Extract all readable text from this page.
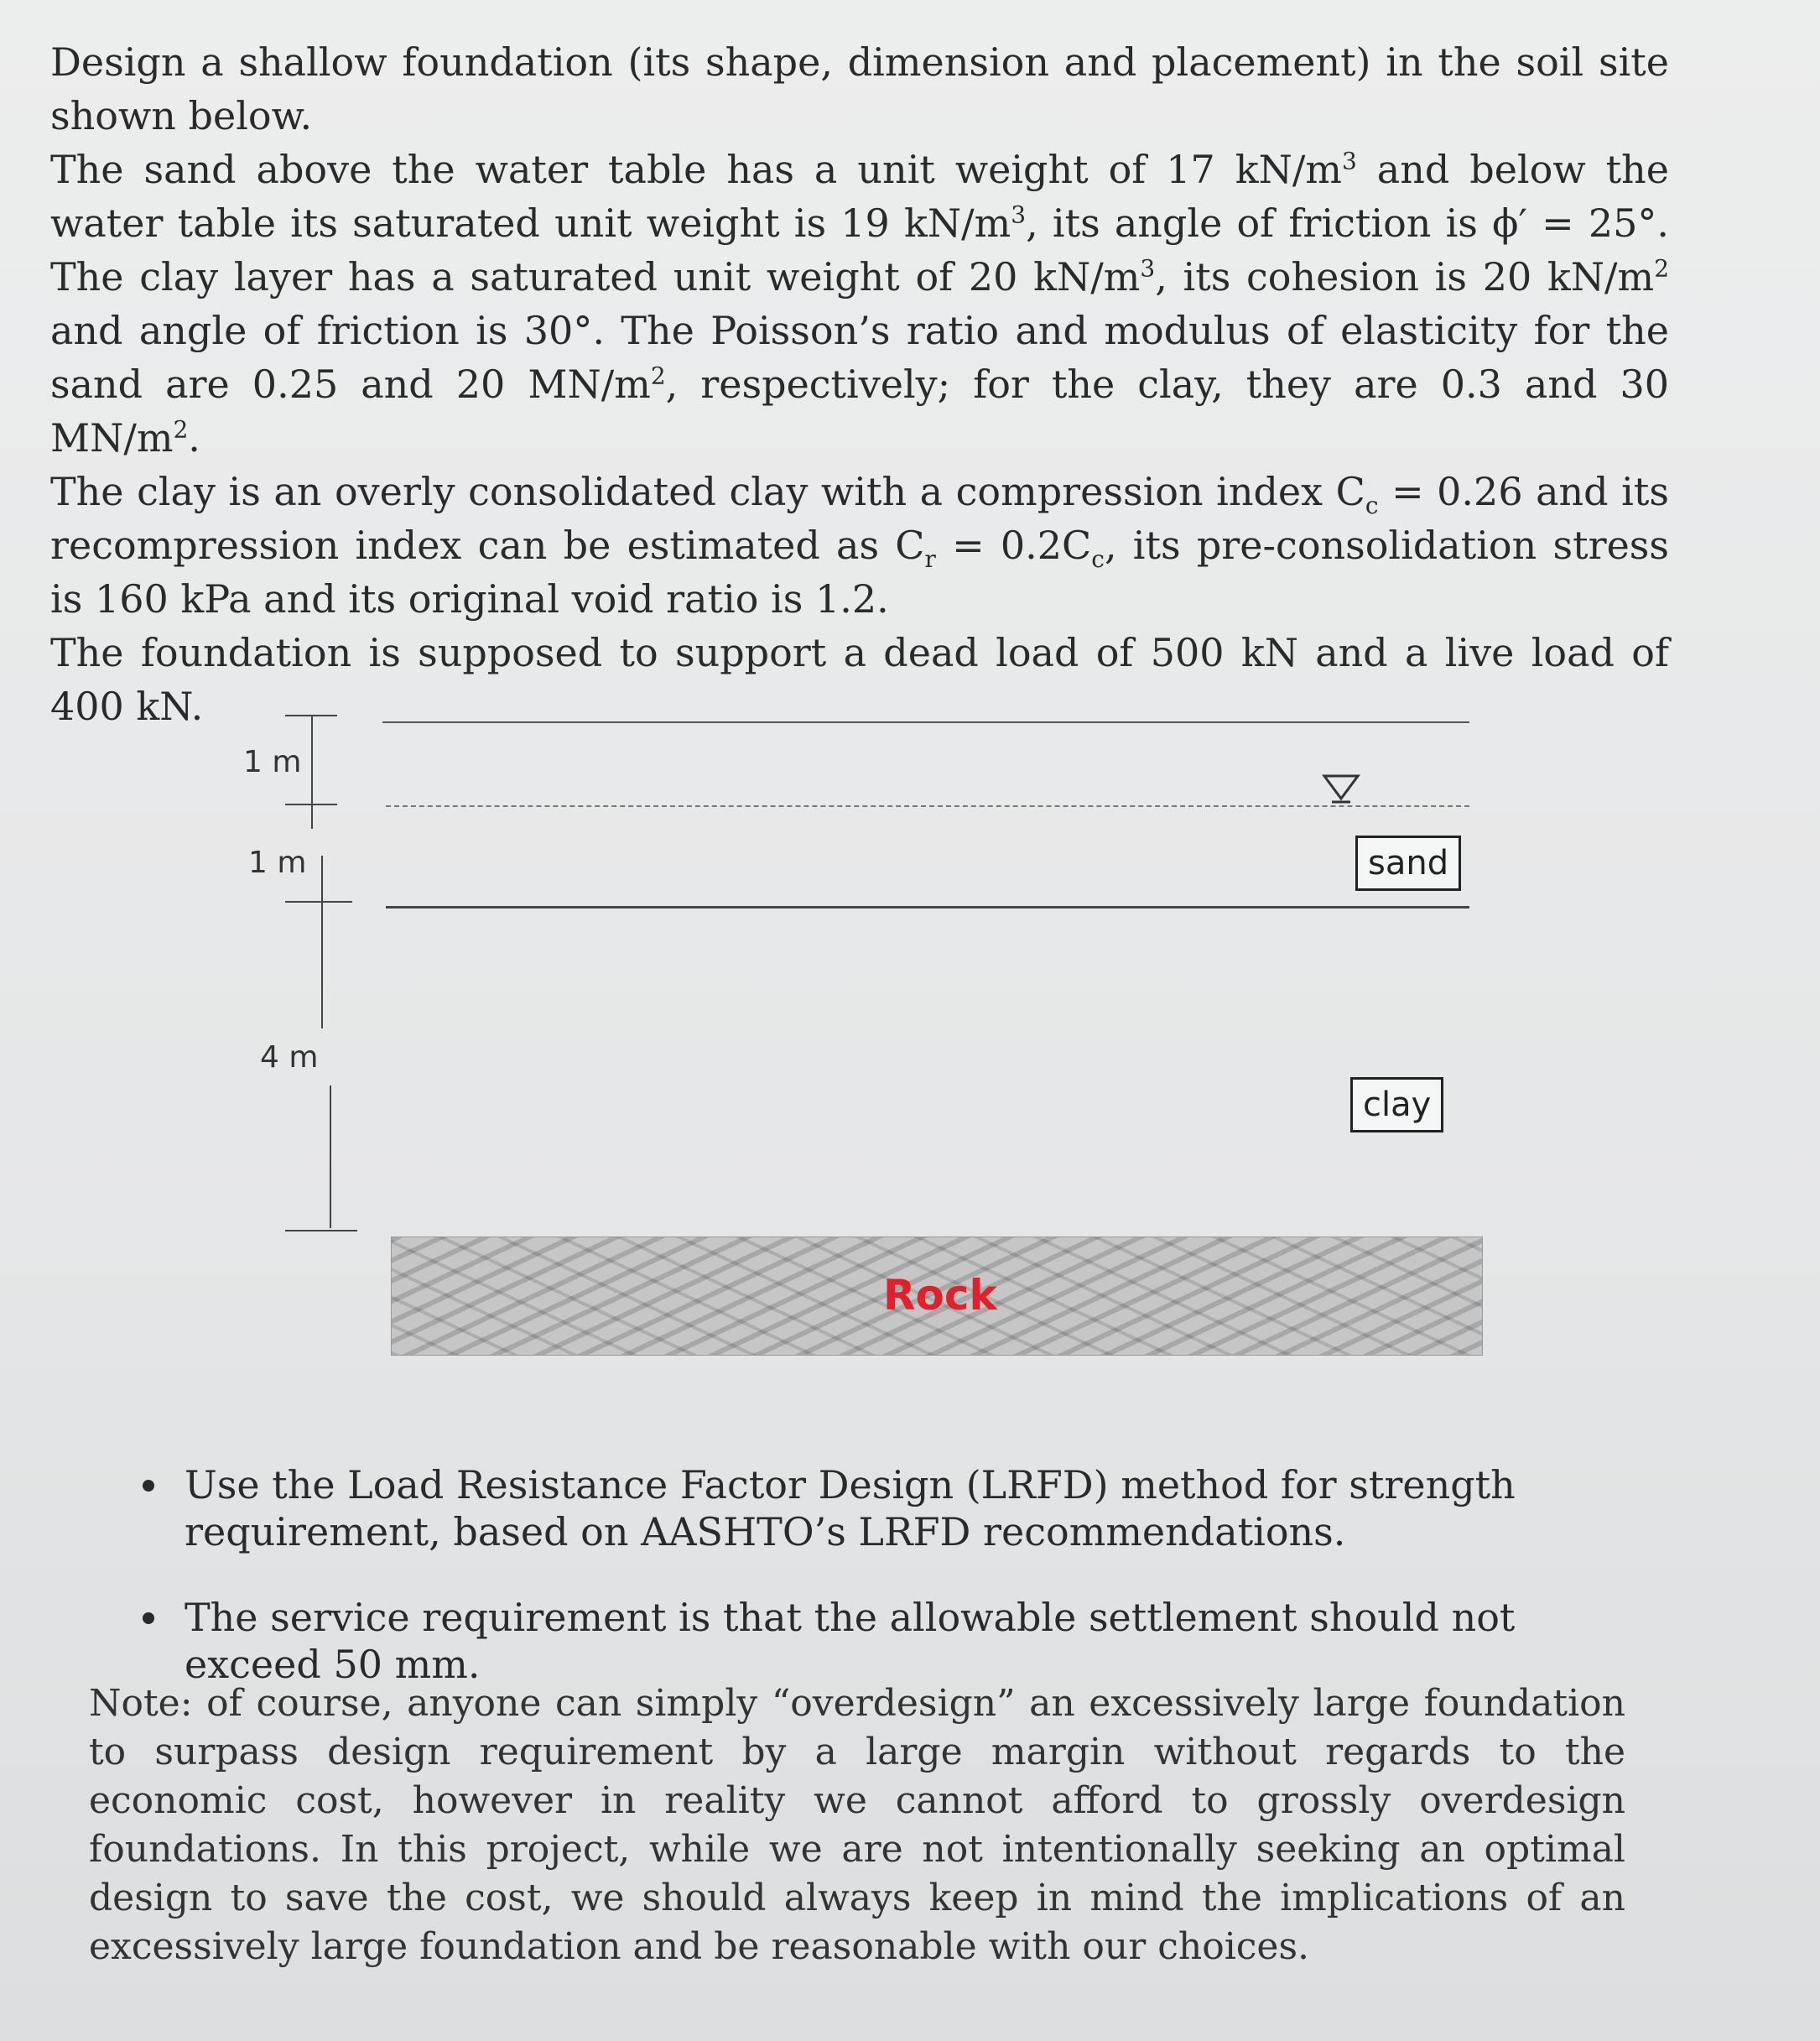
Design a shallow foundation (its shape, dimension and placement) in the soil site shown below.

The sand above the water table has a unit weight of 17 $kN/m^3$ and below the water table its saturated unit weight is 19 $kN/m^3$, its angle of friction is ϕ′ = 25°. The clay layer has a saturated unit weight of 20 $kN/m^3$, its cohesion is 20 $kN/m^2$ and angle of friction is 30°. The Poisson’s ratio and modulus of elasticity for the sand are 0.25 and 20 $MN/m^2$, respectively; for the clay, they are 0.3 and 30 $MN/m^2$.

The clay is an overly consolidated clay with a compression index $C_c = 0.26$ and its recompression index can be estimated as $C_r = 0.2C_c$, its pre-consolidation stress is 160 kPa and its original void ratio is 1.2.

The foundation is supposed to support a dead load of 500 kN and a live load of 400 kN.

1 m
1 m
4 m
sand
clay
Rock
Use the Load Resistance Factor Design (LRFD) method for strength requirement, based on AASHTO’s LRFD recommendations.
The service requirement is that the allowable settlement should not exceed 50 mm.
Note: of course, anyone can simply “overdesign” an excessively large foundation to surpass design requirement by a large margin without regards to the economic cost, however in reality we cannot afford to grossly overdesign foundations. In this project, while we are not intentionally seeking an optimal design to save the cost, we should always keep in mind the implications of an excessively large foundation and be reasonable with our choices.
